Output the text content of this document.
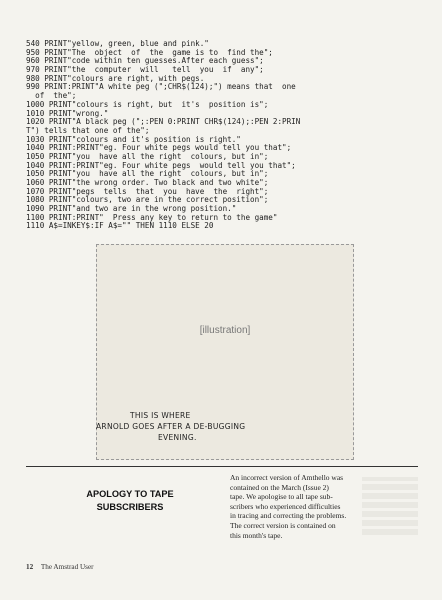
540 PRINT"yellow, green, blue and pink."
950 PRINT"The  object  of  the  game is to  find the";
960 PRINT"code within ten guesses.After each guess";
970 PRINT"the  computer  will   tell  you  if  any";
980 PRINT"colours are right, with pegs.
990 PRINT:PRINT"A white peg (";CHR$(124);") means that  one
of  the";
1000 PRINT"colours is right, but  it's  position is";
1010 PRINT"wrong."
1020 PRINT"A black peg (";:PEN 0:PRINT CHR$(124);:PEN 2:PRIN
T") tells that one of the";
1030 PRINT"colours and it's position is right."
1040 PRINT:PRINT"eg. Four white pegs would tell you that";
1050 PRINT"you  have all the right  colours, but in";
1040 PRINT:PRINT"eg. Four white pegs  would tell you that";
1050 PRINT"you  have all the right  colours, but in";
1060 PRINT"the wrong order. Two black and two white";
1070 PRINT"pegs  tells  that  you  have  the  right";
1080 PRINT"colours, two are in the correct position";
1090 PRINT"and two are in the wrong position."
1100 PRINT:PRINT"  Press any key to return to the game"
1110 A$=INKEY$:IF A$="" THEN 1110 ELSE 20
[illustration]
THIS IS WHERE
ARNOLD GOES AFTER A DE-BUGGING
EVENING.
APOLOGY TO TAPE
SUBSCRIBERS
An incorrect version of Amthello was
contained on the March (Issue 2)
tape. We apologise to all tape sub-
scribers who experienced difficulties
in tracing and correcting the problems.
The correct version is contained on
this month's tape.
12 The Amstrad User
